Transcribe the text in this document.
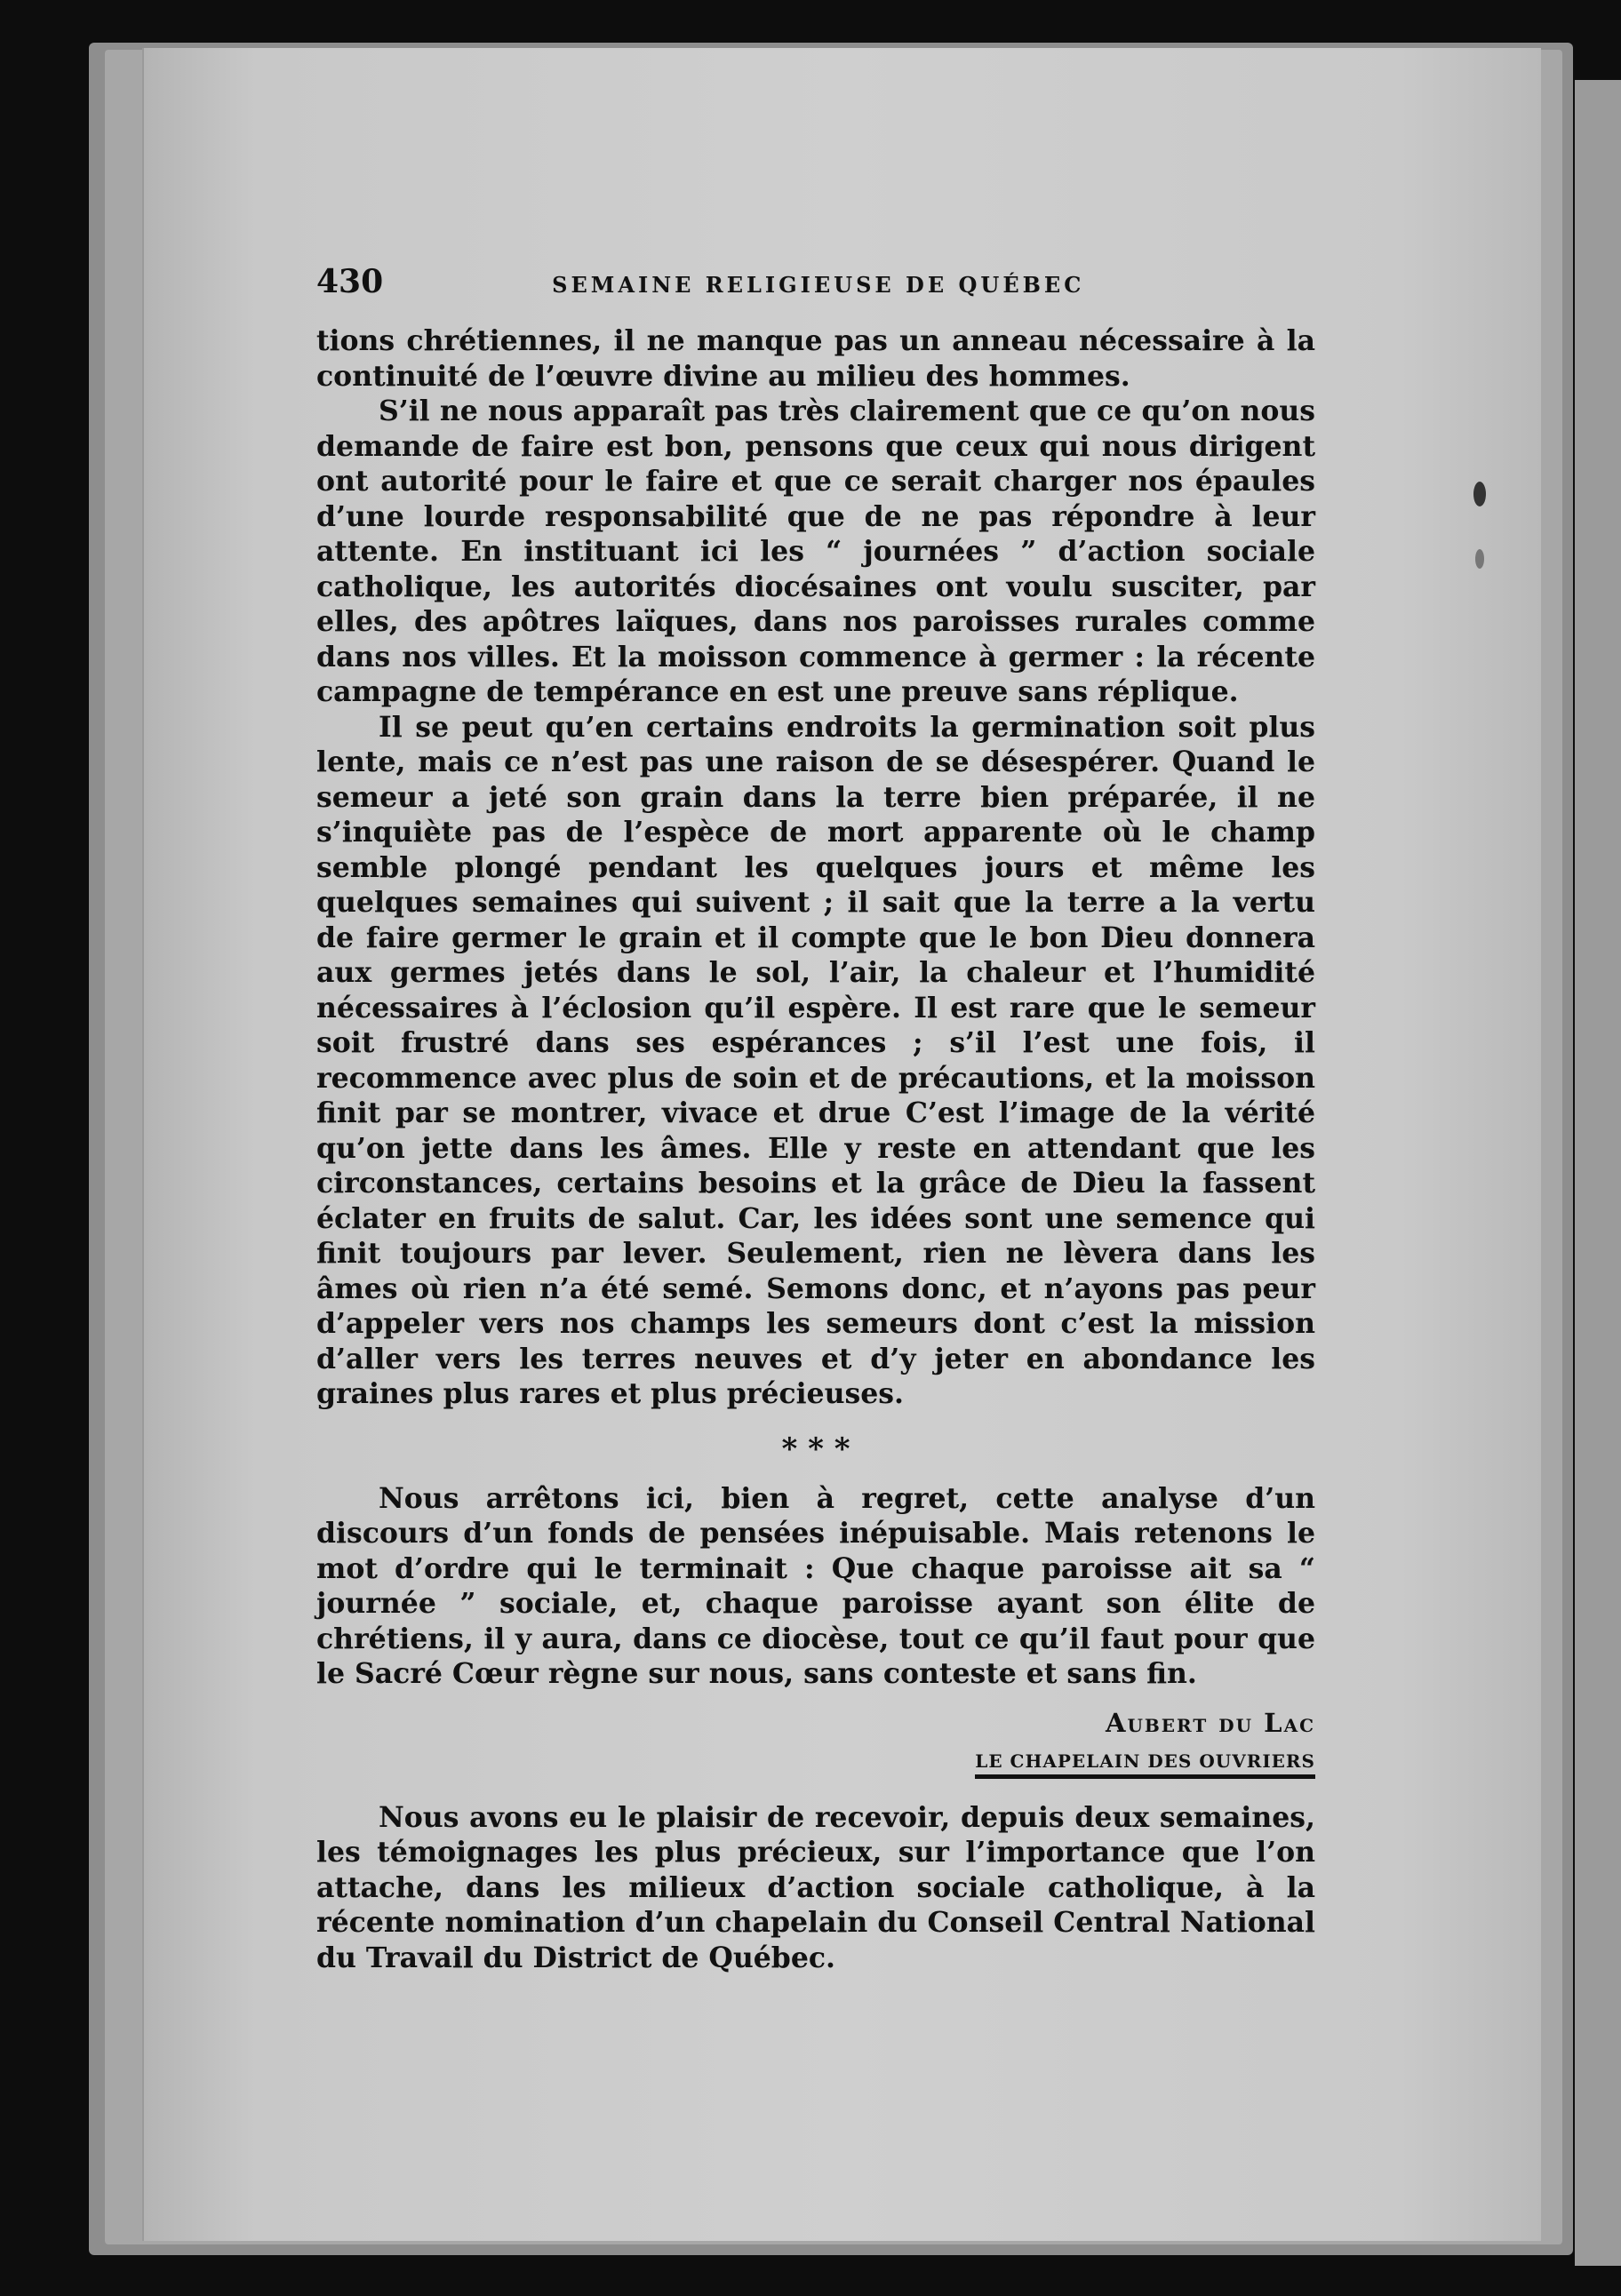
430	SEMAINE RELIGIEUSE DE QUÉBEC

tions chrétiennes, il ne manque pas un anneau nécessaire à la continuité de l’œuvre divine au milieu des hommes.

S’il ne nous apparaît pas très clairement que ce qu’on nous demande de faire est bon, pensons que ceux qui nous dirigent ont autorité pour le faire et que ce serait charger nos épaules d’une lourde responsabilité que de ne pas répondre à leur attente. En instituant ici les “ journées ” d’action sociale catholique, les autorités diocésaines ont voulu susciter, par elles, des apôtres laïques, dans nos paroisses rurales comme dans nos villes. Et la moisson commence à germer : la récente campagne de tempérance en est une preuve sans réplique.

Il se peut qu’en certains endroits la germination soit plus lente, mais ce n’est pas une raison de se désespérer. Quand le semeur a jeté son grain dans la terre bien préparée, il ne s’inquiète pas de l’espèce de mort apparente où le champ semble plongé pendant les quelques jours et même les quelques semaines qui suivent ; il sait que la terre a la vertu de faire germer le grain et il compte que le bon Dieu donnera aux germes jetés dans le sol, l’air, la chaleur et l’humidité nécessaires à l’éclosion qu’il espère. Il est rare que le semeur soit frustré dans ses espérances ; s’il l’est une fois, il recommence avec plus de soin et de précautions, et la moisson finit par se montrer, vivace et drue C’est l’image de la vérité qu’on jette dans les âmes. Elle y reste en attendant que les circonstances, certains besoins et la grâce de Dieu la fassent éclater en fruits de salut. Car, les idées sont une semence qui finit toujours par lever. Seulement, rien ne lèvera dans les âmes où rien n’a été semé. Semons donc, et n’ayons pas peur d’appeler vers nos champs les semeurs dont c’est la mission d’aller vers les terres neuves et d’y jeter en abondance les graines plus rares et plus précieuses.

* * *

Nous arrêtons ici, bien à regret, cette analyse d’un discours d’un fonds de pensées inépuisable. Mais retenons le mot d’ordre qui le terminait : Que chaque paroisse ait sa “ journée ” sociale, et, chaque paroisse ayant son élite de chrétiens, il y aura, dans ce diocèse, tout ce qu’il faut pour que le Sacré Cœur règne sur nous, sans conteste et sans fin.

Aubert du Lac
LE CHAPELAIN DES OUVRIERS

Nous avons eu le plaisir de recevoir, depuis deux semaines, les témoignages les plus précieux, sur l’importance que l’on attache, dans les milieux d’action sociale catholique, à la récente nomination d’un chapelain du Conseil Central National du Travail du District de Québec.
